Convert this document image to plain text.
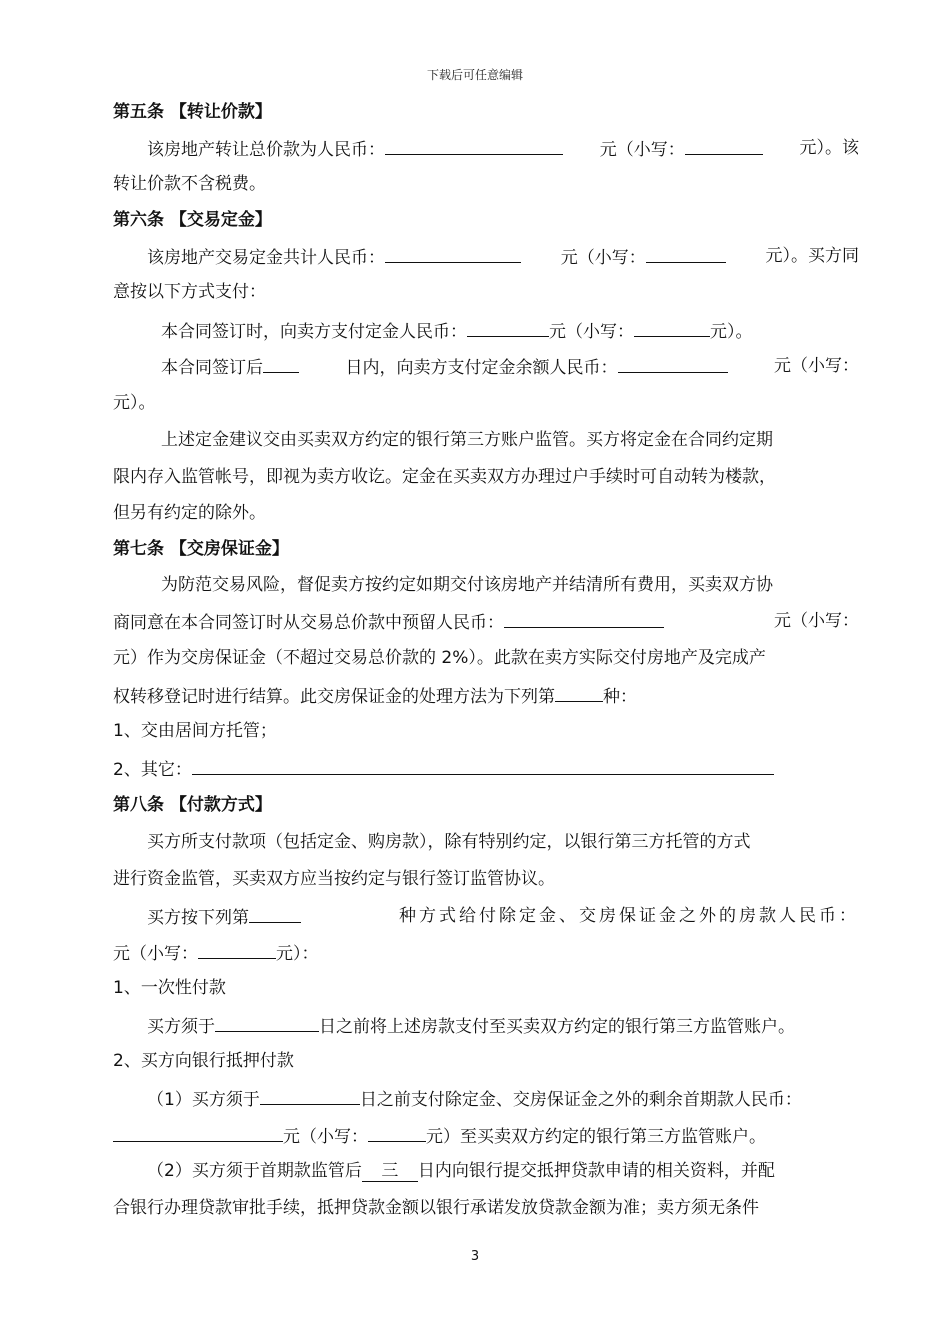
下载后可任意编辑
第五条 【转让价款】
该房地产转让总价款为人民币：	元（小写：	元）。该
转让价款不含税费。
第六条 【交易定金】
该房地产交易定金共计人民币：	元（小写：	元）。买方同
意按以下方式支付：
本合同签订时，向卖方支付定金人民币：	元（小写：	元）。
本合同签订后	日内，向卖方支付定金余额人民币：	元（小写：
元）。
上述定金建议交由买卖双方约定的银行第三方账户监管。买方将定金在合同约定期
限内存入监管帐号，即视为卖方收讫。定金在买卖双方办理过户手续时可自动转为楼款，
但另有约定的除外。
第七条 【交房保证金】
为防范交易风险，督促卖方按约定如期交付该房地产并结清所有费用，买卖双方协
商同意在本合同签订时从交易总价款中预留人民币：	元（小写：
元）作为交房保证金（不超过交易总价款的 2%）。此款在卖方实际交付房地产及完成产
权转移登记时进行结算。此交房保证金的处理方法为下列第	种：
1、交由居间方托管；
2、其它：
第八条 【付款方式】
买方所支付款项（包括定金、购房款），除有特别约定，以银行第三方托管的方式
进行资金监管，买卖双方应当按约定与银行签订监管协议。
买方按下列第	种方式给付除定金、交房保证金之外的房款人民币：
元（小写：	元）：
1、一次性付款
买方须于	日之前将上述房款支付至买卖双方约定的银行第三方监管账户。
2、买方向银行抵押付款
（1）买方须于	日之前支付除定金、交房保证金之外的剩余首期款人民币：
元（小写：	元）至买卖双方约定的银行第三方监管账户。
（2）买方须于首期款监管后 三 日内向银行提交抵押贷款申请的相关资料，并配
合银行办理贷款审批手续，抵押贷款金额以银行承诺发放贷款金额为准；卖方须无条件
3
